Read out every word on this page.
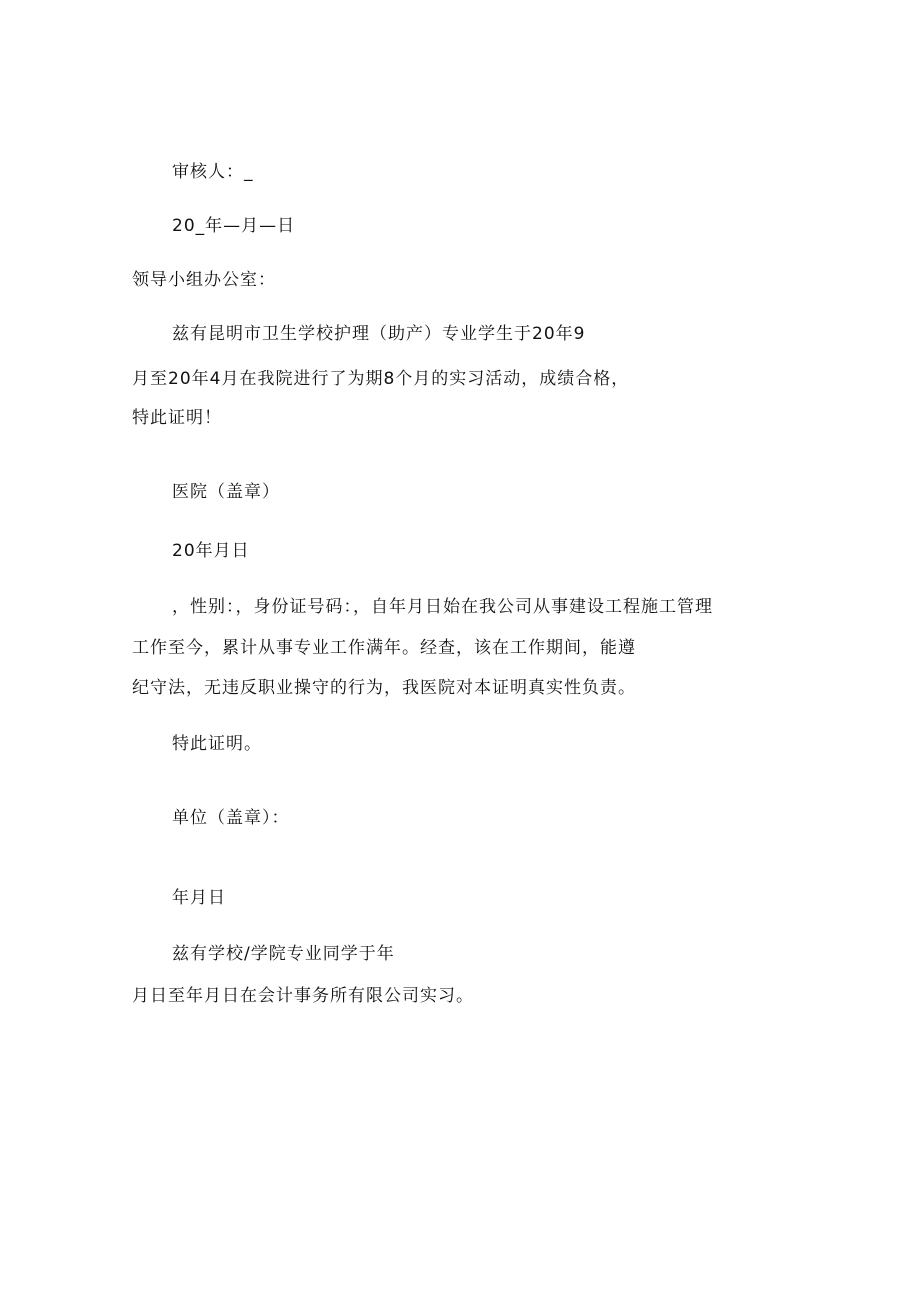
审核人：_
20_年—月—日
领导小组办公室：
兹有昆明市卫生学校护理（助产）专业学生于20年9
月至20年4月在我院进行了为期8个月的实习活动，成绩合格，
特此证明！
医院（盖章）
20年月日
，性别：，身份证号码：，自年月日始在我公司从事建设工程施工管理
工作至今，累计从事专业工作满年。经查，该在工作期间，能遵
纪守法，无违反职业操守的行为，我医院对本证明真实性负责。
特此证明。
单位（盖章）：
年月日
兹有学校/学院专业同学于年
月日至年月日在会计事务所有限公司实习。
